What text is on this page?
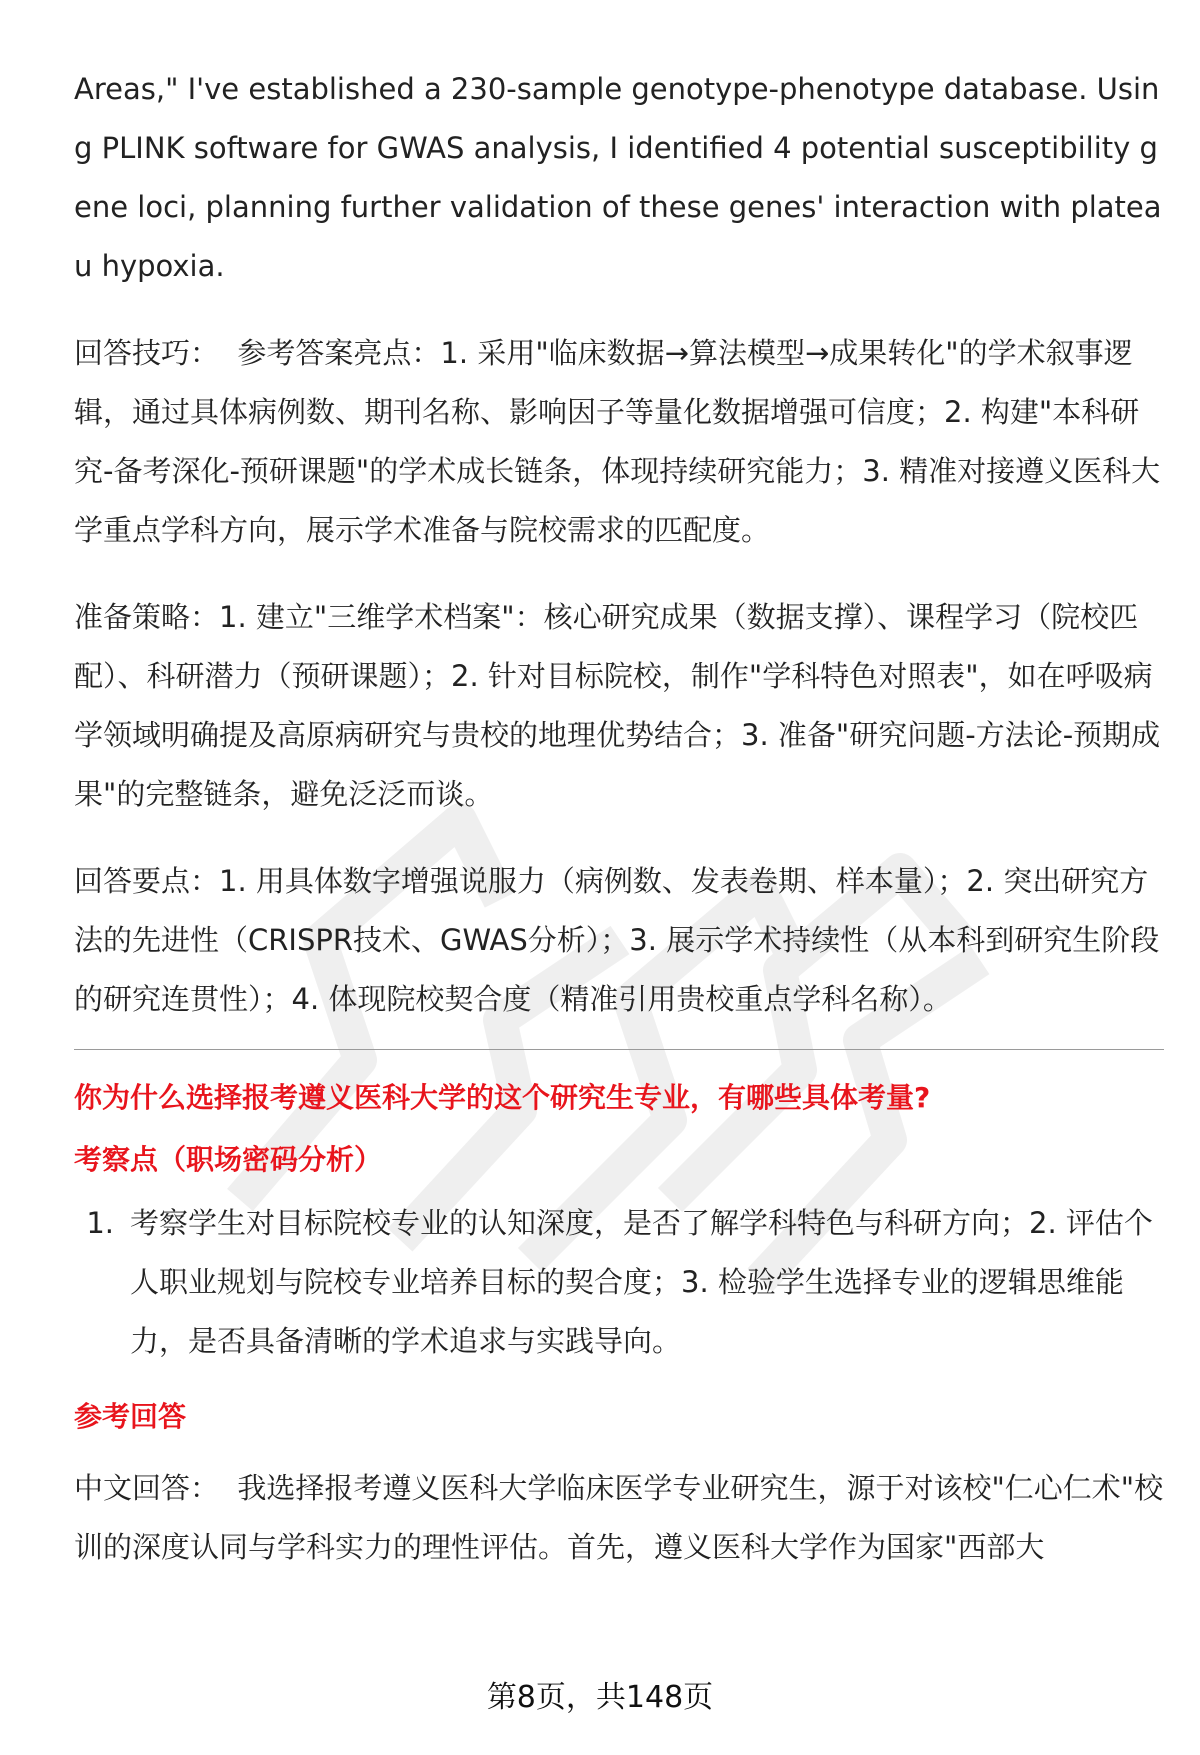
Areas," I've established a 230-sample genotype-phenotype database. Using PLINK software for GWAS analysis, I identified 4 potential susceptibility gene loci, planning further validation of these genes' interaction with plateau hypoxia.

回答技巧：  参考答案亮点：1. 采用"临床数据→算法模型→成果转化"的学术叙事逻辑，通过具体病例数、期刊名称、影响因子等量化数据增强可信度；2. 构建"本科研究-备考深化-预研课题"的学术成长链条，体现持续研究能力；3. 精准对接遵义医科大学重点学科方向，展示学术准备与院校需求的匹配度。

准备策略：1. 建立"三维学术档案"：核心研究成果（数据支撑）、课程学习（院校匹配）、科研潜力（预研课题）；2. 针对目标院校，制作"学科特色对照表"，如在呼吸病学领域明确提及高原病研究与贵校的地理优势结合；3. 准备"研究问题-方法论-预期成果"的完整链条，避免泛泛而谈。

回答要点：1. 用具体数字增强说服力（病例数、发表卷期、样本量）；2. 突出研究方法的先进性（CRISPR技术、GWAS分析）；3. 展示学术持续性（从本科到研究生阶段的研究连贯性）；4. 体现院校契合度（精准引用贵校重点学科名称）。

你为什么选择报考遵义医科大学的这个研究生专业，有哪些具体考量?

考察点（职场密码分析）

1. 考察学生对目标院校专业的认知深度，是否了解学科特色与科研方向；2. 评估个人职业规划与院校专业培养目标的契合度；3. 检验学生选择专业的逻辑思维能力，是否具备清晰的学术追求与实践导向。

参考回答

中文回答：  我选择报考遵义医科大学临床医学专业研究生，源于对该校"仁心仁术"校训的深度认同与学科实力的理性评估。首先，遵义医科大学作为国家"西部大

第8页，共148页
